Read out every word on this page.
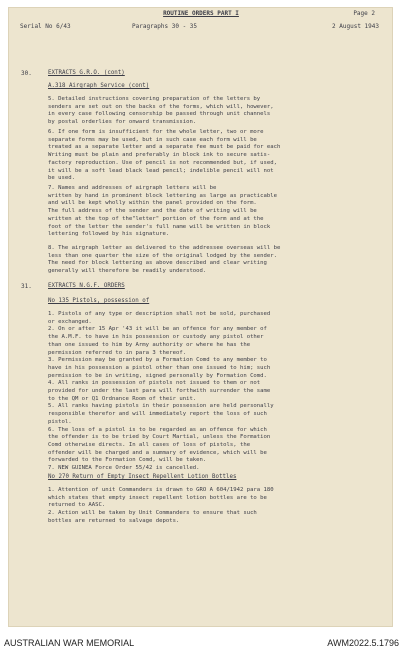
ROUTINE ORDERS PART I	Page 2
Serial No 6/43	Paragraphs 30 - 35	2 August 1943
30.	EXTRACTS G.R.O. (cont)
A.318 Airgraph Service (cont)

5. Detailed instructions covering preparation of the letters by

senders are set out on the backs of the forms, which will, however,

in every case following censorship be passed through unit channels

by postal orderlies for onward transmission.

6. If one form is insufficient for the whole letter, two or more

separate forms may be used, but in such case each form will be

treated as a separate letter and a separate fee must be paid for each

Writing must be plain and preferably in block ink to secure satis-

factory reproduction. Use of pencil is not recommended but, if used,

it will be a soft lead black lead pencil; indelible pencil will not

be used.

7. Names and addresses of airgraph letters will be

written by hand in prominent block lettering as large as practicable

and will be kept wholly within the panel provided on the form.

The full address of the sender and the date of writing will be

written at the top of the"letter" portion of the form and at the

foot of the letter the sender's full name will be written in block

lettering followed by his signature.

8. The airgraph letter as delivered to the addressee overseas will be

less than one quarter the size of the original lodged by the sender.

The need for block lettering as above described and clear writing

generally will therefore be readily understood.

31.	EXTRACTS N.G.F. ORDERS
No 135 Pistols, possession of

1. Pistols of any type or description shall not be sold, purchased

or exchanged.

2. On or after 15 Apr '43 it will be an offence for any member of

the A.M.F. to have in his possession or custody any pistol other

than one issued to him by Army authority or where he has the

permission referred to in para 3 thereof.

3. Permission may be granted by a Formation Comd to any member to

have in his possession a pistol other than one issued to him; such

permission to be in writing, signed personally by Formation Comd.

4. All ranks in possession of pistols not issued to them or not

provided for under the last para will forthwith surrender the same

to the QM or Q1 Ordnance Room of their unit.

5. All ranks having pistols in their possession are held personally

responsible therefor and will immediately report the loss of such

pistol.

6. The loss of a pistol is to be regarded as an offence for which

the offender is to be tried by Court Martial, unless the Formation

Comd otherwise directs. In all cases of loss of pistols, the

offender will be charged and a summary of evidence, which will be

forwarded to the Formation Comd, will be taken.

7. NEW GUINEA Force Order 55/42 is cancelled.

No 270 Return of Empty Insect Repellent Lotion Bottles

1. Attention of unit Commanders is drawn to GRO A 604/1942 para 180

which states that empty insect repellent lotion bottles are to be

returned to AASC.

2. Action will be taken by Unit Commanders to ensure that such

bottles are returned to salvage depots.

AUSTRALIAN WAR MEMORIAL	AWM2022.5.1796
